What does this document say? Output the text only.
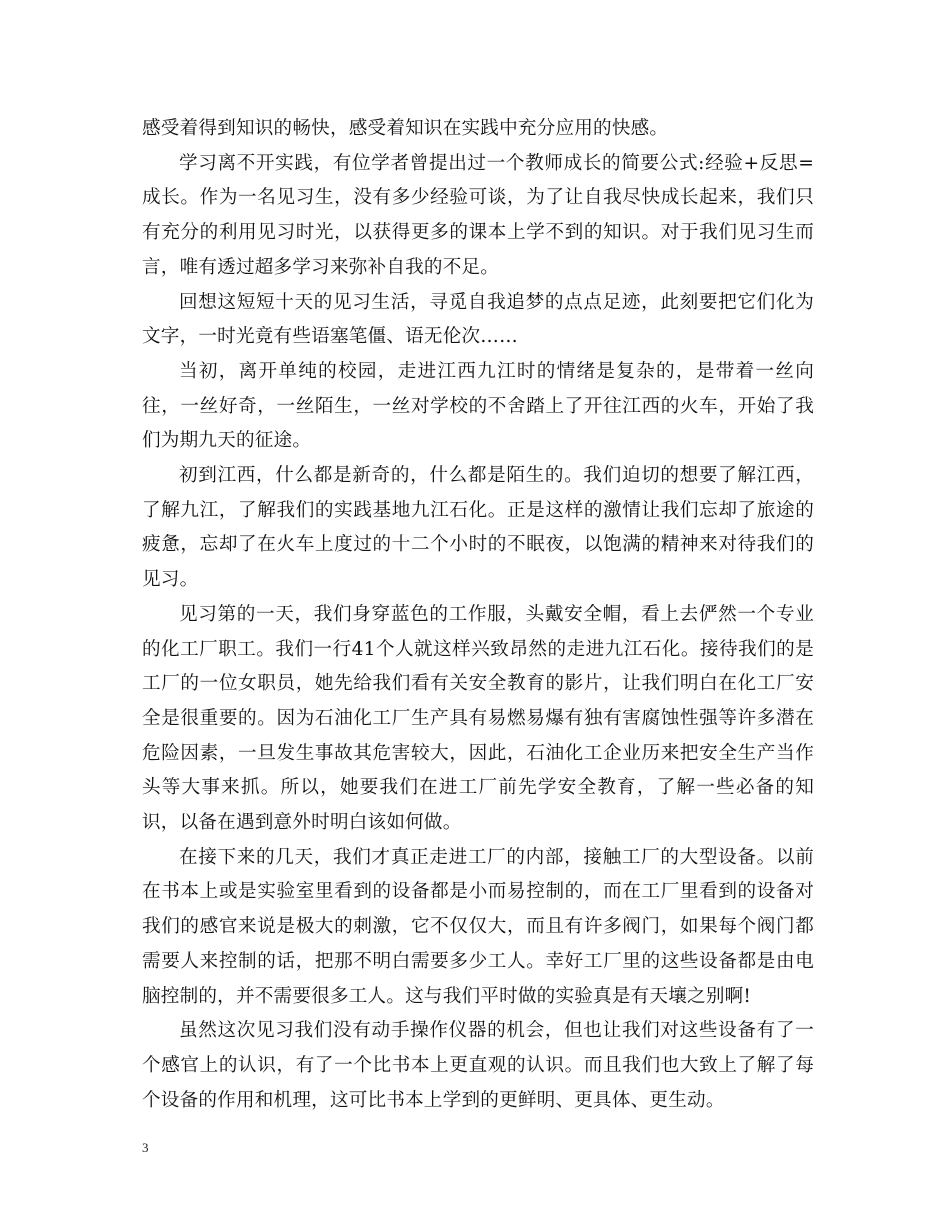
感受着得到知识的畅快，感受着知识在实践中充分应用的快感。

学习离不开实践，有位学者曾提出过一个教师成长的简要公式:经验+反思=成长。作为一名见习生，没有多少经验可谈，为了让自我尽快成长起来，我们只有充分的利用见习时光，以获得更多的课本上学不到的知识。对于我们见习生而言，唯有透过超多学习来弥补自我的不足。

回想这短短十天的见习生活，寻觅自我追梦的点点足迹，此刻要把它们化为文字，一时光竟有些语塞笔僵、语无伦次……

当初，离开单纯的校园，走进江西九江时的情绪是复杂的，是带着一丝向往，一丝好奇，一丝陌生，一丝对学校的不舍踏上了开往江西的火车，开始了我们为期九天的征途。

初到江西，什么都是新奇的，什么都是陌生的。我们迫切的想要了解江西，了解九江，了解我们的实践基地九江石化。正是这样的激情让我们忘却了旅途的疲惫，忘却了在火车上度过的十二个小时的不眠夜，以饱满的精神来对待我们的见习。

见习第的一天，我们身穿蓝色的工作服，头戴安全帽，看上去俨然一个专业的化工厂职工。我们一行41个人就这样兴致昂然的走进九江石化。接待我们的是工厂的一位女职员，她先给我们看有关安全教育的影片，让我们明白在化工厂安全是很重要的。因为石油化工厂生产具有易燃易爆有独有害腐蚀性强等许多潜在危险因素，一旦发生事故其危害较大，因此，石油化工企业历来把安全生产当作头等大事来抓。所以，她要我们在进工厂前先学安全教育，了解一些必备的知识，以备在遇到意外时明白该如何做。

在接下来的几天，我们才真正走进工厂的内部，接触工厂的大型设备。以前在书本上或是实验室里看到的设备都是小而易控制的，而在工厂里看到的设备对我们的感官来说是极大的刺激，它不仅仅大，而且有许多阀门，如果每个阀门都需要人来控制的话，把那不明白需要多少工人。幸好工厂里的这些设备都是由电脑控制的，并不需要很多工人。这与我们平时做的实验真是有天壤之别啊!

虽然这次见习我们没有动手操作仪器的机会，但也让我们对这些设备有了一个感官上的认识，有了一个比书本上更直观的认识。而且我们也大致上了解了每个设备的作用和机理，这可比书本上学到的更鲜明、更具体、更生动。

3
